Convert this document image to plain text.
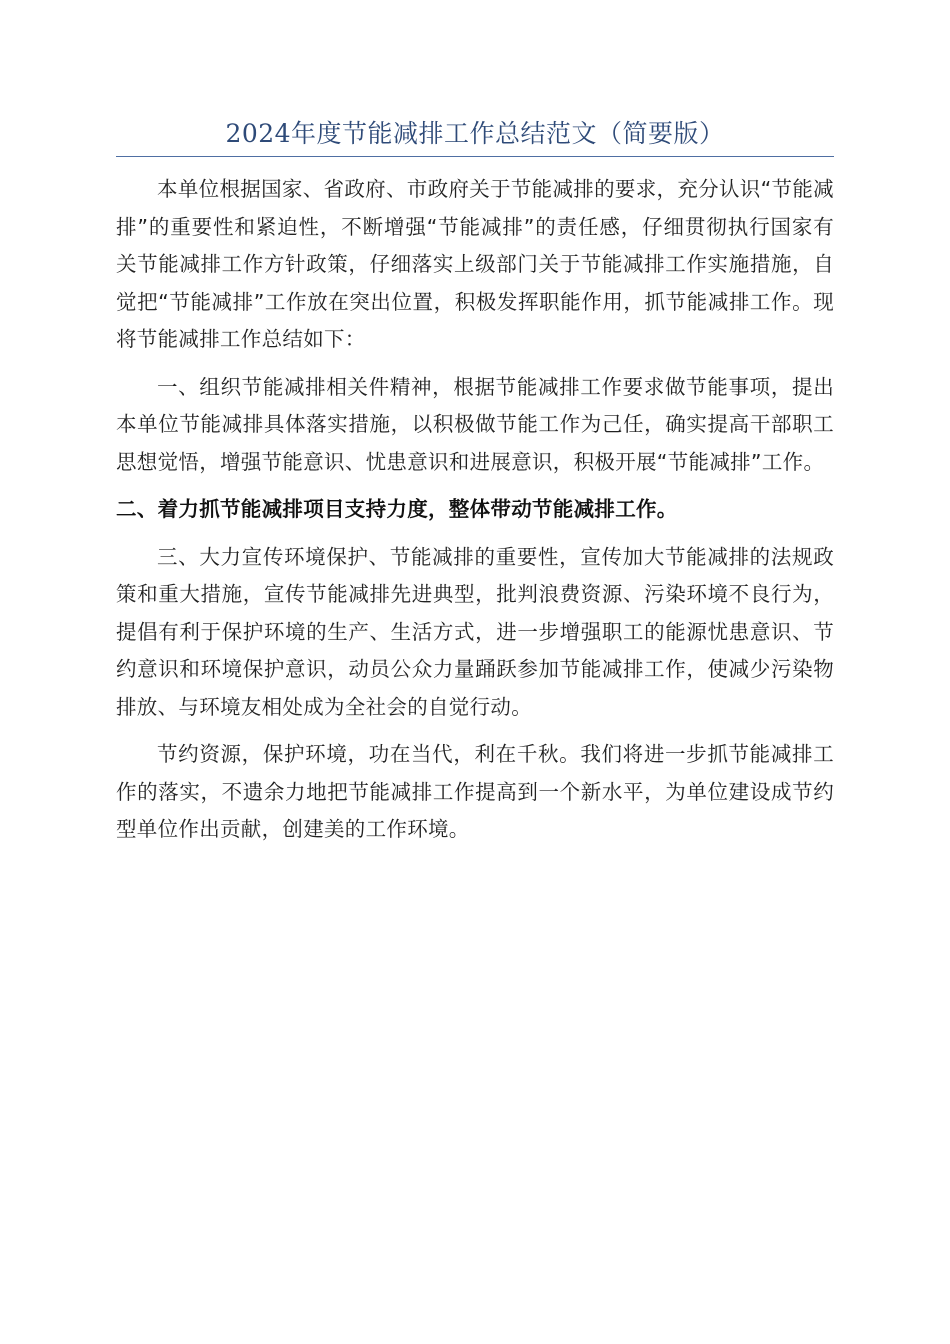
2024年度节能减排工作总结范文（简要版）

本单位根据国家、省政府、市政府关于节能减排的要求，充分认识“节能减排”的重要性和紧迫性，不断增强“节能减排”的责任感，仔细贯彻执行国家有关节能减排工作方针政策，仔细落实上级部门关于节能减排工作实施措施，自觉把“节能减排”工作放在突出位置，积极发挥职能作用，抓节能减排工作。现将节能减排工作总结如下：

一、组织节能减排相关件精神，根据节能减排工作要求做节能事项，提出本单位节能减排具体落实措施，以积极做节能工作为己任，确实提高干部职工思想觉悟，增强节能意识、忧患意识和进展意识，积极开展“节能减排”工作。

二、着力抓节能减排项目支持力度，整体带动节能减排工作。

三、大力宣传环境保护、节能减排的重要性，宣传加大节能减排的法规政策和重大措施，宣传节能减排先进典型，批判浪费资源、污染环境不良行为，提倡有利于保护环境的生产、生活方式，进一步增强职工的能源忧患意识、节约意识和环境保护意识，动员公众力量踊跃参加节能减排工作，使减少污染物排放、与环境友相处成为全社会的自觉行动。

节约资源，保护环境，功在当代，利在千秋。我们将进一步抓节能减排工作的落实，不遗余力地把节能减排工作提高到一个新水平，为单位建设成节约型单位作出贡献，创建美的工作环境。
